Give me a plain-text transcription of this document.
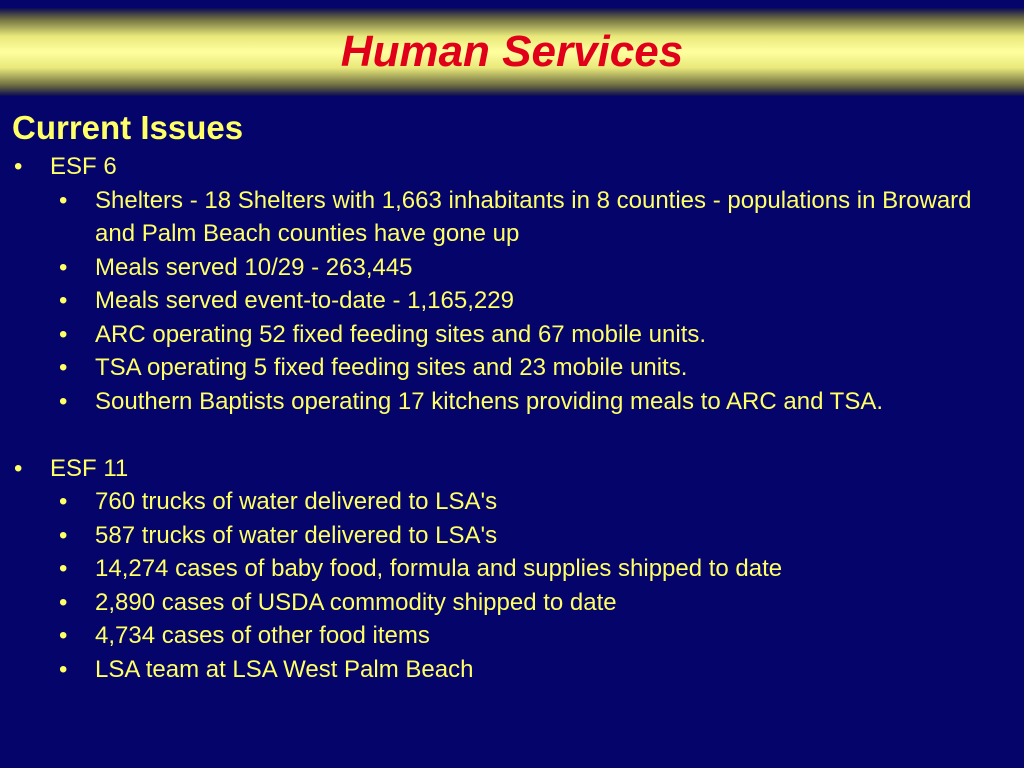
Human Services
Current Issues
• ESF 6
• Shelters - 18 Shelters with 1,663 inhabitants in 8 counties - populations in Broward and Palm Beach counties have gone up
• Meals served 10/29 - 263,445
• Meals served event-to-date - 1,165,229
• ARC operating 52 fixed feeding sites and 67 mobile units.
• TSA operating 5 fixed feeding sites and 23 mobile units.
• Southern Baptists operating 17 kitchens providing meals to ARC and TSA.
• ESF 11
• 760 trucks of water delivered to LSA's
• 587 trucks of water delivered to LSA's
• 14,274 cases of baby food, formula and supplies shipped to date
• 2,890 cases of USDA commodity shipped to date
• 4,734 cases of other food items
• LSA team at LSA West Palm Beach
